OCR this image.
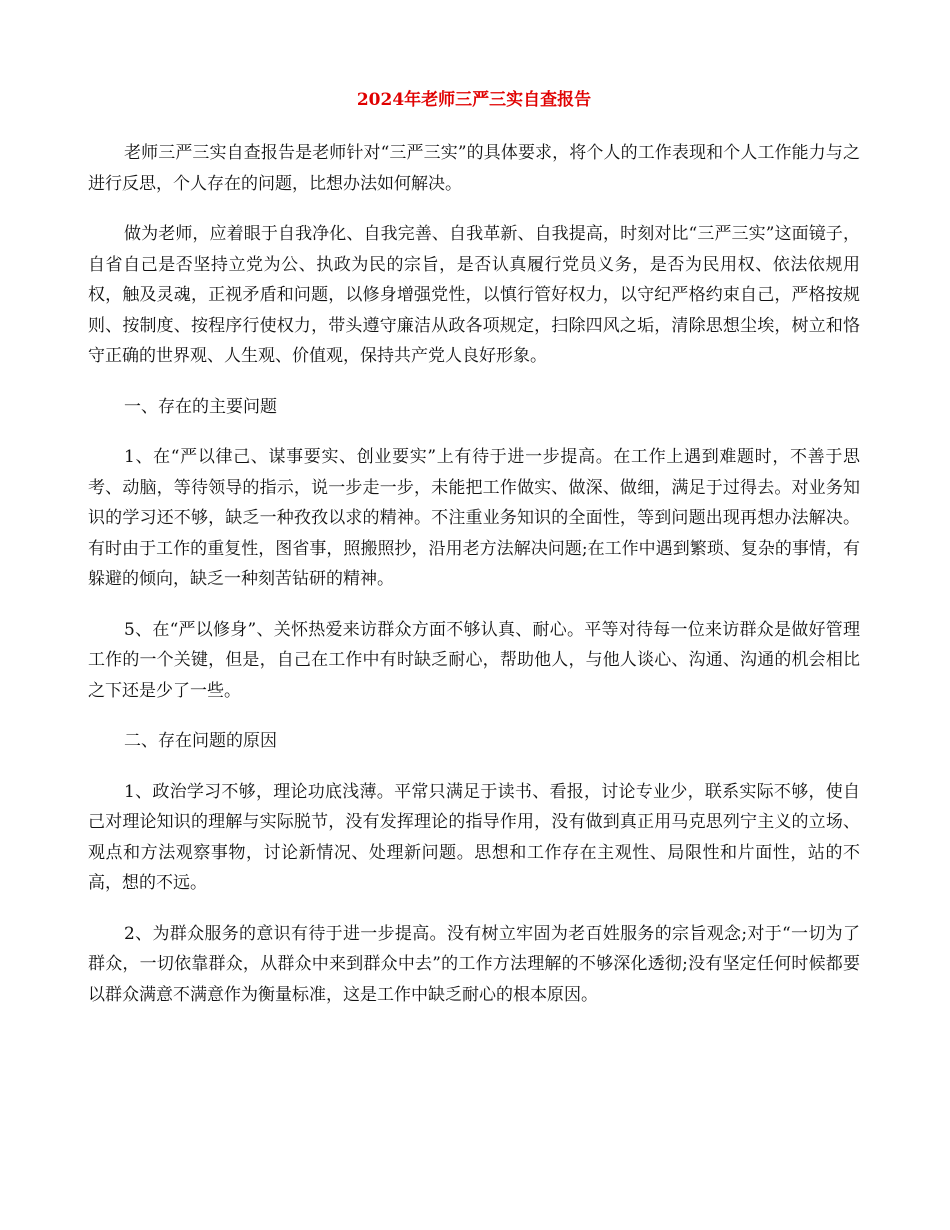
2024年老师三严三实自查报告

老师三严三实自查报告是老师针对“三严三实”的具体要求，将个人的工作表现和个人工作能力与之进行反思，个人存在的问题，比想办法如何解决。

做为老师，应着眼于自我净化、自我完善、自我革新、自我提高，时刻对比“三严三实”这面镜子，自省自己是否坚持立党为公、执政为民的宗旨，是否认真履行党员义务，是否为民用权、依法依规用权，触及灵魂，正视矛盾和问题，以修身增强党性，以慎行管好权力，以守纪严格约束自己，严格按规则、按制度、按程序行使权力，带头遵守廉洁从政各项规定，扫除四风之垢，清除思想尘埃，树立和恪守正确的世界观、人生观、价值观，保持共产党人良好形象。

一、存在的主要问题

1、在“严以律己、谋事要实、创业要实”上有待于进一步提高。在工作上遇到难题时，不善于思考、动脑，等待领导的指示，说一步走一步，未能把工作做实、做深、做细，满足于过得去。对业务知识的学习还不够，缺乏一种孜孜以求的精神。不注重业务知识的全面性，等到问题出现再想办法解决。有时由于工作的重复性，图省事，照搬照抄，沿用老方法解决问题;在工作中遇到繁琐、复杂的事情，有躲避的倾向，缺乏一种刻苦钻研的精神。

5、在“严以修身”、关怀热爱来访群众方面不够认真、耐心。平等对待每一位来访群众是做好管理工作的一个关键，但是，自己在工作中有时缺乏耐心，帮助他人，与他人谈心、沟通、沟通的机会相比之下还是少了一些。

二、存在问题的原因

1、政治学习不够，理论功底浅薄。平常只满足于读书、看报，讨论专业少，联系实际不够，使自己对理论知识的理解与实际脱节，没有发挥理论的指导作用，没有做到真正用马克思列宁主义的立场、观点和方法观察事物，讨论新情况、处理新问题。思想和工作存在主观性、局限性和片面性，站的不高，想的不远。

2、为群众服务的意识有待于进一步提高。没有树立牢固为老百姓服务的宗旨观念;对于“一切为了群众，一切依靠群众，从群众中来到群众中去”的工作方法理解的不够深化透彻;没有坚定任何时候都要以群众满意不满意作为衡量标准，这是工作中缺乏耐心的根本原因。
